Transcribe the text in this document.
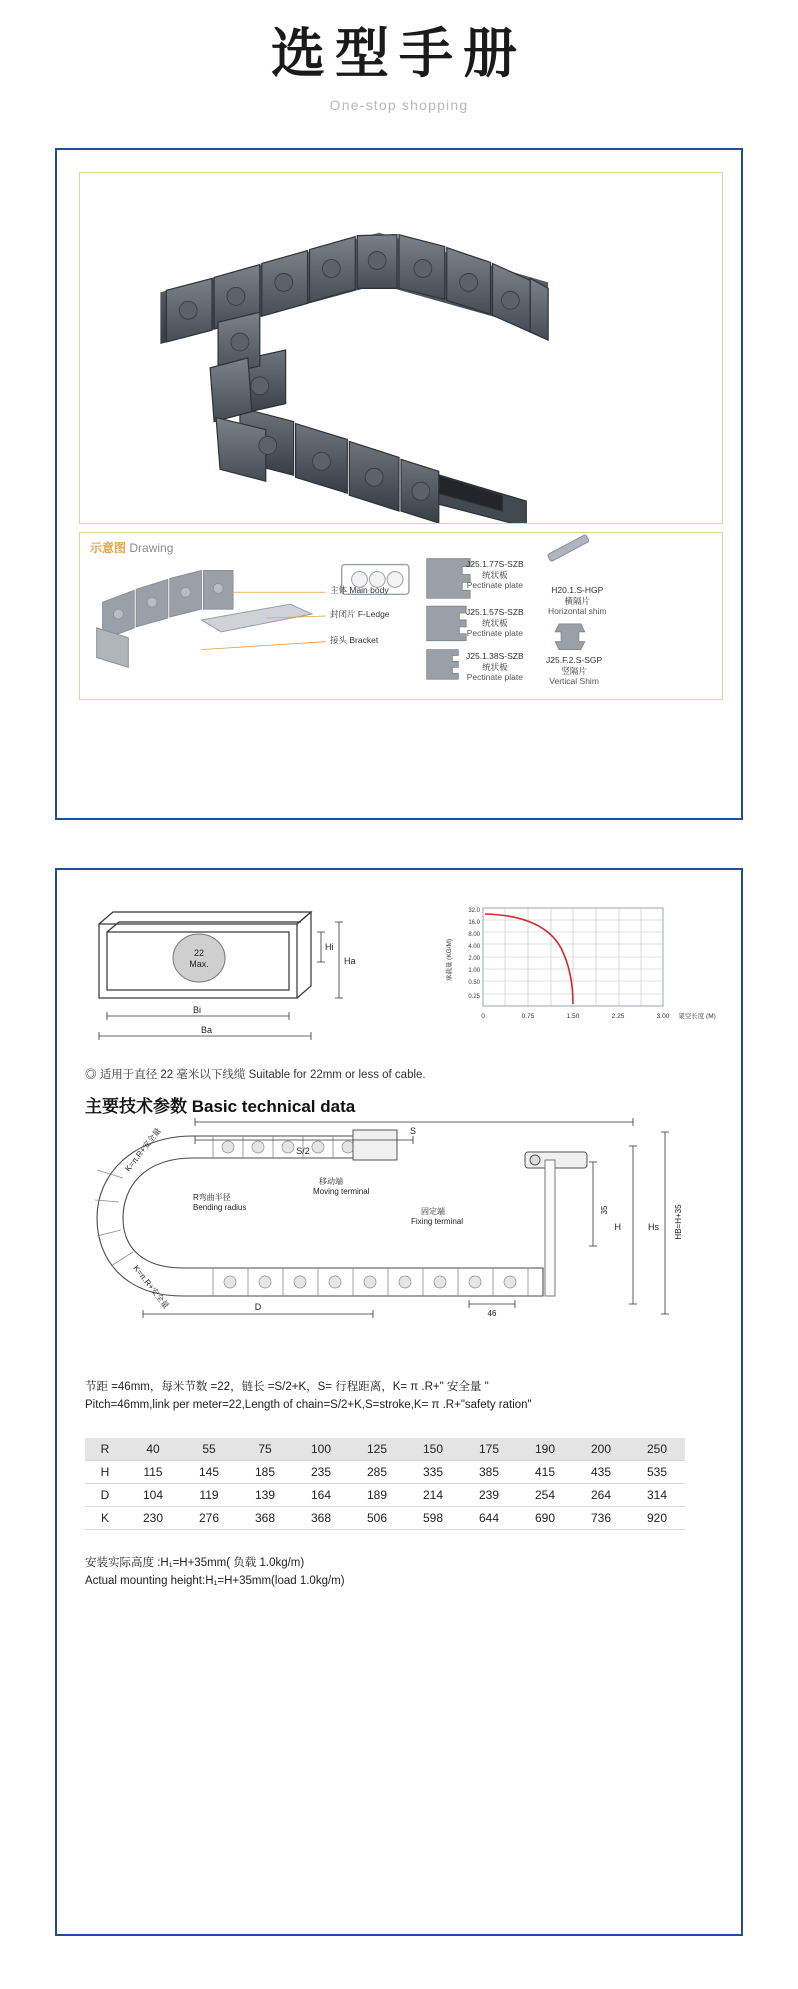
选型手册
One-stop shopping
示意图 Drawing
主体 Main body
封闭片 F-Ledge
接头 Bracket
J25.1.77S-SZB
统状板
Pectinate plate
J25.1.57S-SZB
统状板
Pectinate plate
J25.1.38S-SZB
统状板
Pectinate plate
H20.1.S-HGP
横隔片
Horizontal shim
J25.F.2.S-SGP
竖隔片
Vertical Shim
22
Max.
Hi
Ha
Bi
Ba
32.0
16.0
8.00
4.00
2.00
1.00
0.50
0.25
0	0.75	1.50	2.25	3.00
承载量 (KG/M)
架空长度 (M)
◎ 适用于直径 22 毫米以下线缆 Suitable for 22mm or less of cable.
主要技术参数 Basic technical data
S
S/2
D
H	Hs HB=H+35
35
46
K=π.R+安全量
K=π.R+安全量
R弯曲半径
Bending radius
移动端
Moving terminal
固定端
Fixing terminal
节距 =46mm，每米节数 =22，链长 =S/2+K，S= 行程距离，K= π .R+" 安全量 "
Pitch=46mm,link per meter=22,Length of chain=S/2+K,S=stroke,K= π .R+"safety ration"
R	40	55	75	100	125	150	175	190	200	250
H	115	145	185	235	285	335	385	415	435	535
D	104	119	139	164	189	214	239	254	264	314
K	230	276	368	368	506	598	644	690	736	920
安装实际高度 :H₁=H+35mm( 负载 1.0kg/m)
Actual mounting height:H₁=H+35mm(load 1.0kg/m)
